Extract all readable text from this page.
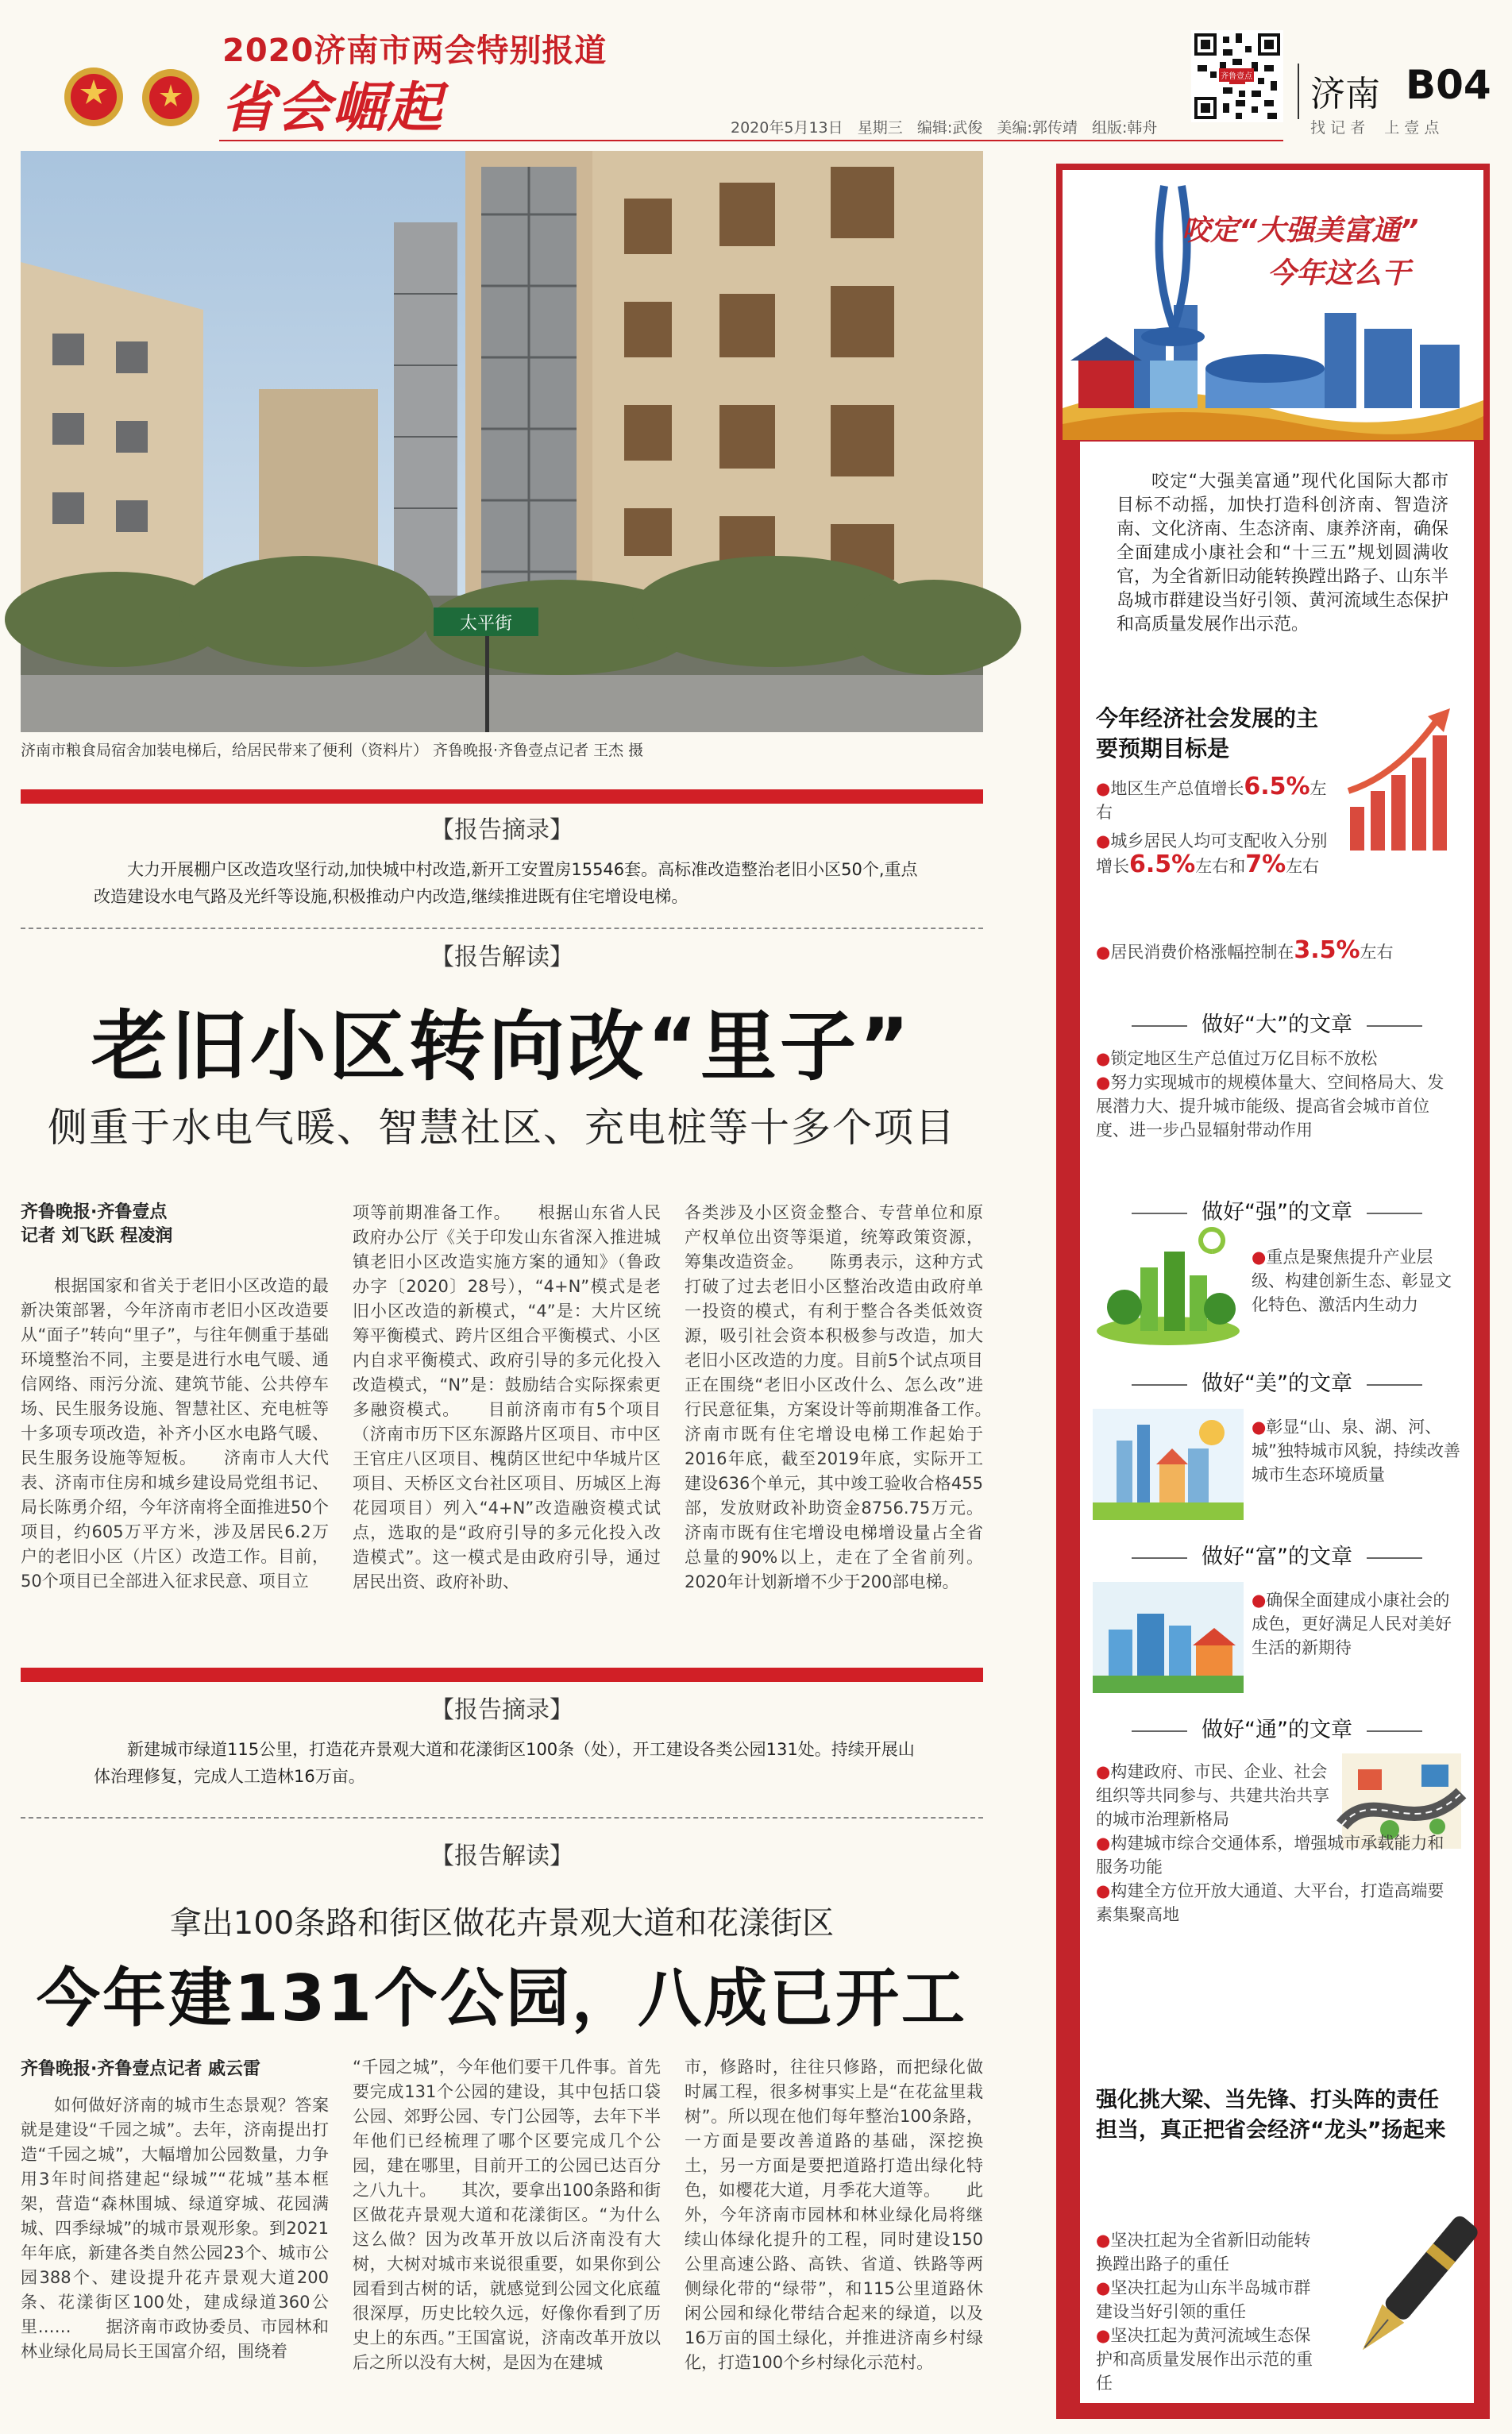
2020济南市两会特别报道
省会崛起	2020年5月13日 星期三 编辑:武俊 美编:郭传靖 组版:韩舟
齐鲁壹点 济南 B04
找 记 者    上 壹 点
太平街
济南市粮食局宿舍加装电梯后，给居民带来了便利（资料片） 齐鲁晚报·齐鲁壹点记者 王杰 摄
【报告摘录】
大力开展棚户区改造攻坚行动,加快城中村改造,新开工安置房15546套。高标准改造整治老旧小区50个,重点改造建设水电气路及光纤等设施,积极推动户内改造,继续推进既有住宅增设电梯。
【报告解读】
老旧小区转向改“里子”
侧重于水电气暖、智慧社区、充电桩等十多个项目
齐鲁晚报·齐鲁壹点
记者 刘飞跃 程凌润

根据国家和省关于老旧小区改造的最新决策部署，今年济南市老旧小区改造要从“面子”转向“里子”，与往年侧重于基础环境整治不同，主要是进行水电气暖、通信网络、雨污分流、建筑节能、公共停车场、民生服务设施、智慧社区、充电桩等十多项专项改造，补齐小区水电路气暖、民生服务设施等短板。　　济南市人大代表、济南市住房和城乡建设局党组书记、局长陈勇介绍，今年济南将全面推进50个项目，约605万平方米，涉及居民6.2万户的老旧小区（片区）改造工作。目前，50个项目已全部进入征求民意、项目立

项等前期准备工作。　　根据山东省人民政府办公厅《关于印发山东省深入推进城镇老旧小区改造实施方案的通知》（鲁政办字〔2020〕28号），“4+N”模式是老旧小区改造的新模式，“4”是：大片区统筹平衡模式、跨片区组合平衡模式、小区内自求平衡模式、政府引导的多元化投入改造模式，“N”是：鼓励结合实际探索更多融资模式。　　目前济南市有5个项目（济南市历下区东源路片区项目、市中区王官庄八区项目、槐荫区世纪中华城片区项目、天桥区文台社区项目、历城区上海花园项目）列入“4+N”改造融资模式试点，选取的是“政府引导的多元化投入改造模式”。这一模式是由政府引导，通过居民出资、政府补助、
各类涉及小区资金整合、专营单位和原产权单位出资等渠道，统筹政策资源，筹集改造资金。　　陈勇表示，这种方式打破了过去老旧小区整治改造由政府单一投资的模式，有利于整合各类低效资源，吸引社会资本积极参与改造，加大老旧小区改造的力度。目前5个试点项目正在围绕“老旧小区改什么、怎么改”进行民意征集，方案设计等前期准备工作。　　济南市既有住宅增设电梯工作起始于2016年底，截至2019年底，实际开工建设636个单元，其中竣工验收合格455部，发放财政补助资金8756.75万元。济南市既有住宅增设电梯增设量占全省总量的90%以上，走在了全省前列。2020年计划新增不少于200部电梯。
【报告摘录】
新建城市绿道115公里，打造花卉景观大道和花漾街区100条（处），开工建设各类公园131处。持续开展山体治理修复，完成人工造林16万亩。
【报告解读】
拿出100条路和街区做花卉景观大道和花漾街区
今年建131个公园，八成已开工
齐鲁晚报·齐鲁壹点记者 戚云雷

如何做好济南的城市生态景观？答案就是建设“千园之城”。去年，济南提出打造“千园之城”，大幅增加公园数量，力争用3年时间搭建起“绿城”“花城”基本框架，营造“森林围城、绿道穿城、花园满城、四季绿城”的城市景观形象。到2021年年底，新建各类自然公园23个、城市公园388个、建设提升花卉景观大道200条、花漾街区100处，建成绿道360公里……　　据济南市政协委员、市园林和林业绿化局局长王国富介绍，围绕着

“千园之城”，今年他们要干几件事。首先要完成131个公园的建设，其中包括口袋公园、郊野公园、专门公园等，去年下半年他们已经梳理了哪个区要完成几个公园，建在哪里，目前开工的公园已达百分之八九十。　　其次，要拿出100条路和街区做花卉景观大道和花漾街区。“为什么这么做？因为改革开放以后济南没有大树，大树对城市来说很重要，如果你到公园看到古树的话，就感觉到公园文化底蕴很深厚，历史比较久远，好像你看到了历史上的东西。”王国富说，济南改革开放以后之所以没有大树，是因为在建城
市，修路时，往往只修路，而把绿化做时属工程，很多树事实上是“在花盆里栽树”。所以现在他们每年整治100条路，一方面是要改善道路的基础，深挖换土，另一方面是要把道路打造出绿化特色，如樱花大道，月季花大道等。　　此外，今年济南市园林和林业绿化局将继续山体绿化提升的工程，同时建设150公里高速公路、高铁、省道、铁路等两侧绿化带的“绿带”，和115公里道路休闲公园和绿化带结合起来的绿道，以及16万亩的国土绿化，并推进济南乡村绿化，打造100个乡村绿化示范村。
咬定“大强美富通”
今年这么干
咬定“大强美富通”现代化国际大都市目标不动摇，加快打造科创济南、智造济南、文化济南、生态济南、康养济南，确保全面建成小康社会和“十三五”规划圆满收官，为全省新旧动能转换蹚出路子、山东半岛城市群建设当好引领、黄河流域生态保护和高质量发展作出示范。
今年经济社会发展的主要预期目标是
●地区生产总值增长6.5%左右
●城乡居民人均可支配收入分别增长6.5%左右和7%左右
●居民消费价格涨幅控制在3.5%左右
做好“大”的文章
●锁定地区生产总值过万亿目标不放松
●努力实现城市的规模体量大、空间格局大、发展潜力大、提升城市能级、提高省会城市首位度、进一步凸显辐射带动作用
做好“强”的文章
●重点是聚焦提升产业层级、构建创新生态、彰显文化特色、激活内生动力
做好“美”的文章
●彰显“山、泉、湖、河、城”独特城市风貌，持续改善城市生态环境质量
做好“富”的文章
●确保全面建成小康社会的成色，更好满足人民对美好生活的新期待
做好“通”的文章
●构建政府、市民、企业、社会组织等共同参与、共建共治共享的城市治理新格局
●构建城市综合交通体系，增强城市承载能力和服务功能
●构建全方位开放大通道、大平台，打造高端要素集聚高地
强化挑大梁、当先锋、打头阵的责任担当，真正把省会经济“龙头”扬起来
●坚决扛起为全省新旧动能转换蹚出路子的重任
●坚决扛起为山东半岛城市群建设当好引领的重任
●坚决扛起为黄河流域生态保护和高质量发展作出示范的重任
